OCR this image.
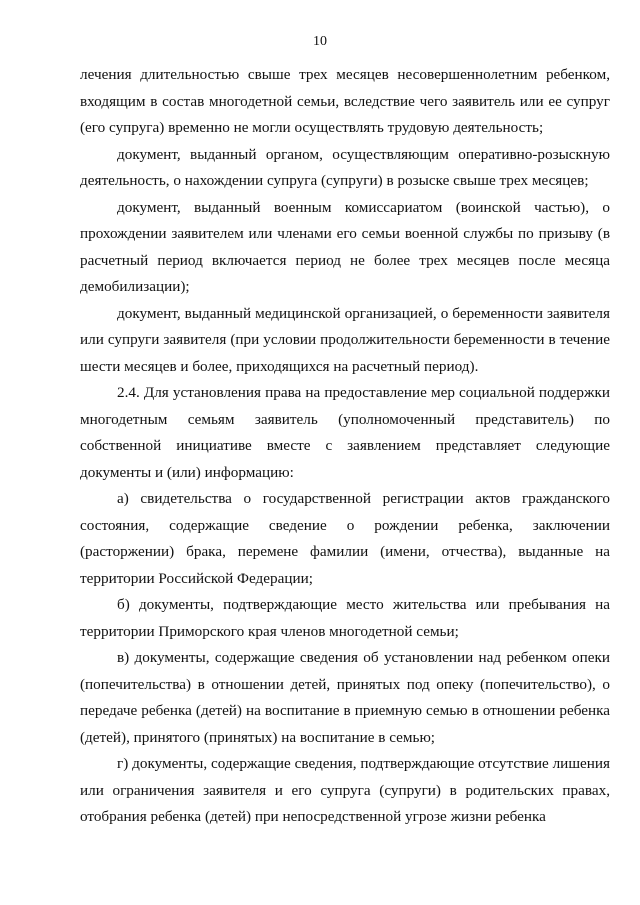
10

лечения длительностью свыше трех месяцев несовершеннолетним ребенком, входящим в состав многодетной семьи, вследствие чего заявитель или ее супруг (его супруга) временно не могли осуществлять трудовую деятельность;

документ, выданный органом, осуществляющим оперативно-розыскную деятельность, о нахождении супруга (супруги) в розыске свыше трех месяцев;

документ, выданный военным комиссариатом (воинской частью), о прохождении заявителем или членами его семьи военной службы по призыву (в расчетный период включается период не более трех месяцев после месяца демобилизации);

документ, выданный медицинской организацией, о беременности заявителя или супруги заявителя (при условии продолжительности беременности в течение шести месяцев и более, приходящихся на расчетный период).

2.4. Для установления права на предоставление мер социальной поддержки многодетным семьям заявитель (уполномоченный представитель) по собственной инициативе вместе с заявлением представляет следующие документы и (или) информацию:

а) свидетельства о государственной регистрации актов гражданского состояния, содержащие сведение о рождении ребенка, заключении (расторжении) брака, перемене фамилии (имени, отчества), выданные на территории Российской Федерации;

б) документы, подтверждающие место жительства или пребывания на территории Приморского края членов многодетной семьи;

в) документы, содержащие сведения об установлении над ребенком опеки (попечительства) в отношении детей, принятых под опеку (попечительство), о передаче ребенка (детей) на воспитание в приемную семью в отношении ребенка (детей), принятого (принятых) на воспитание в семью;

г) документы, содержащие сведения, подтверждающие отсутствие лишения или ограничения заявителя и его супруга (супруги) в родительских правах, отобрания ребенка (детей) при непосредственной угрозе жизни ребенка
